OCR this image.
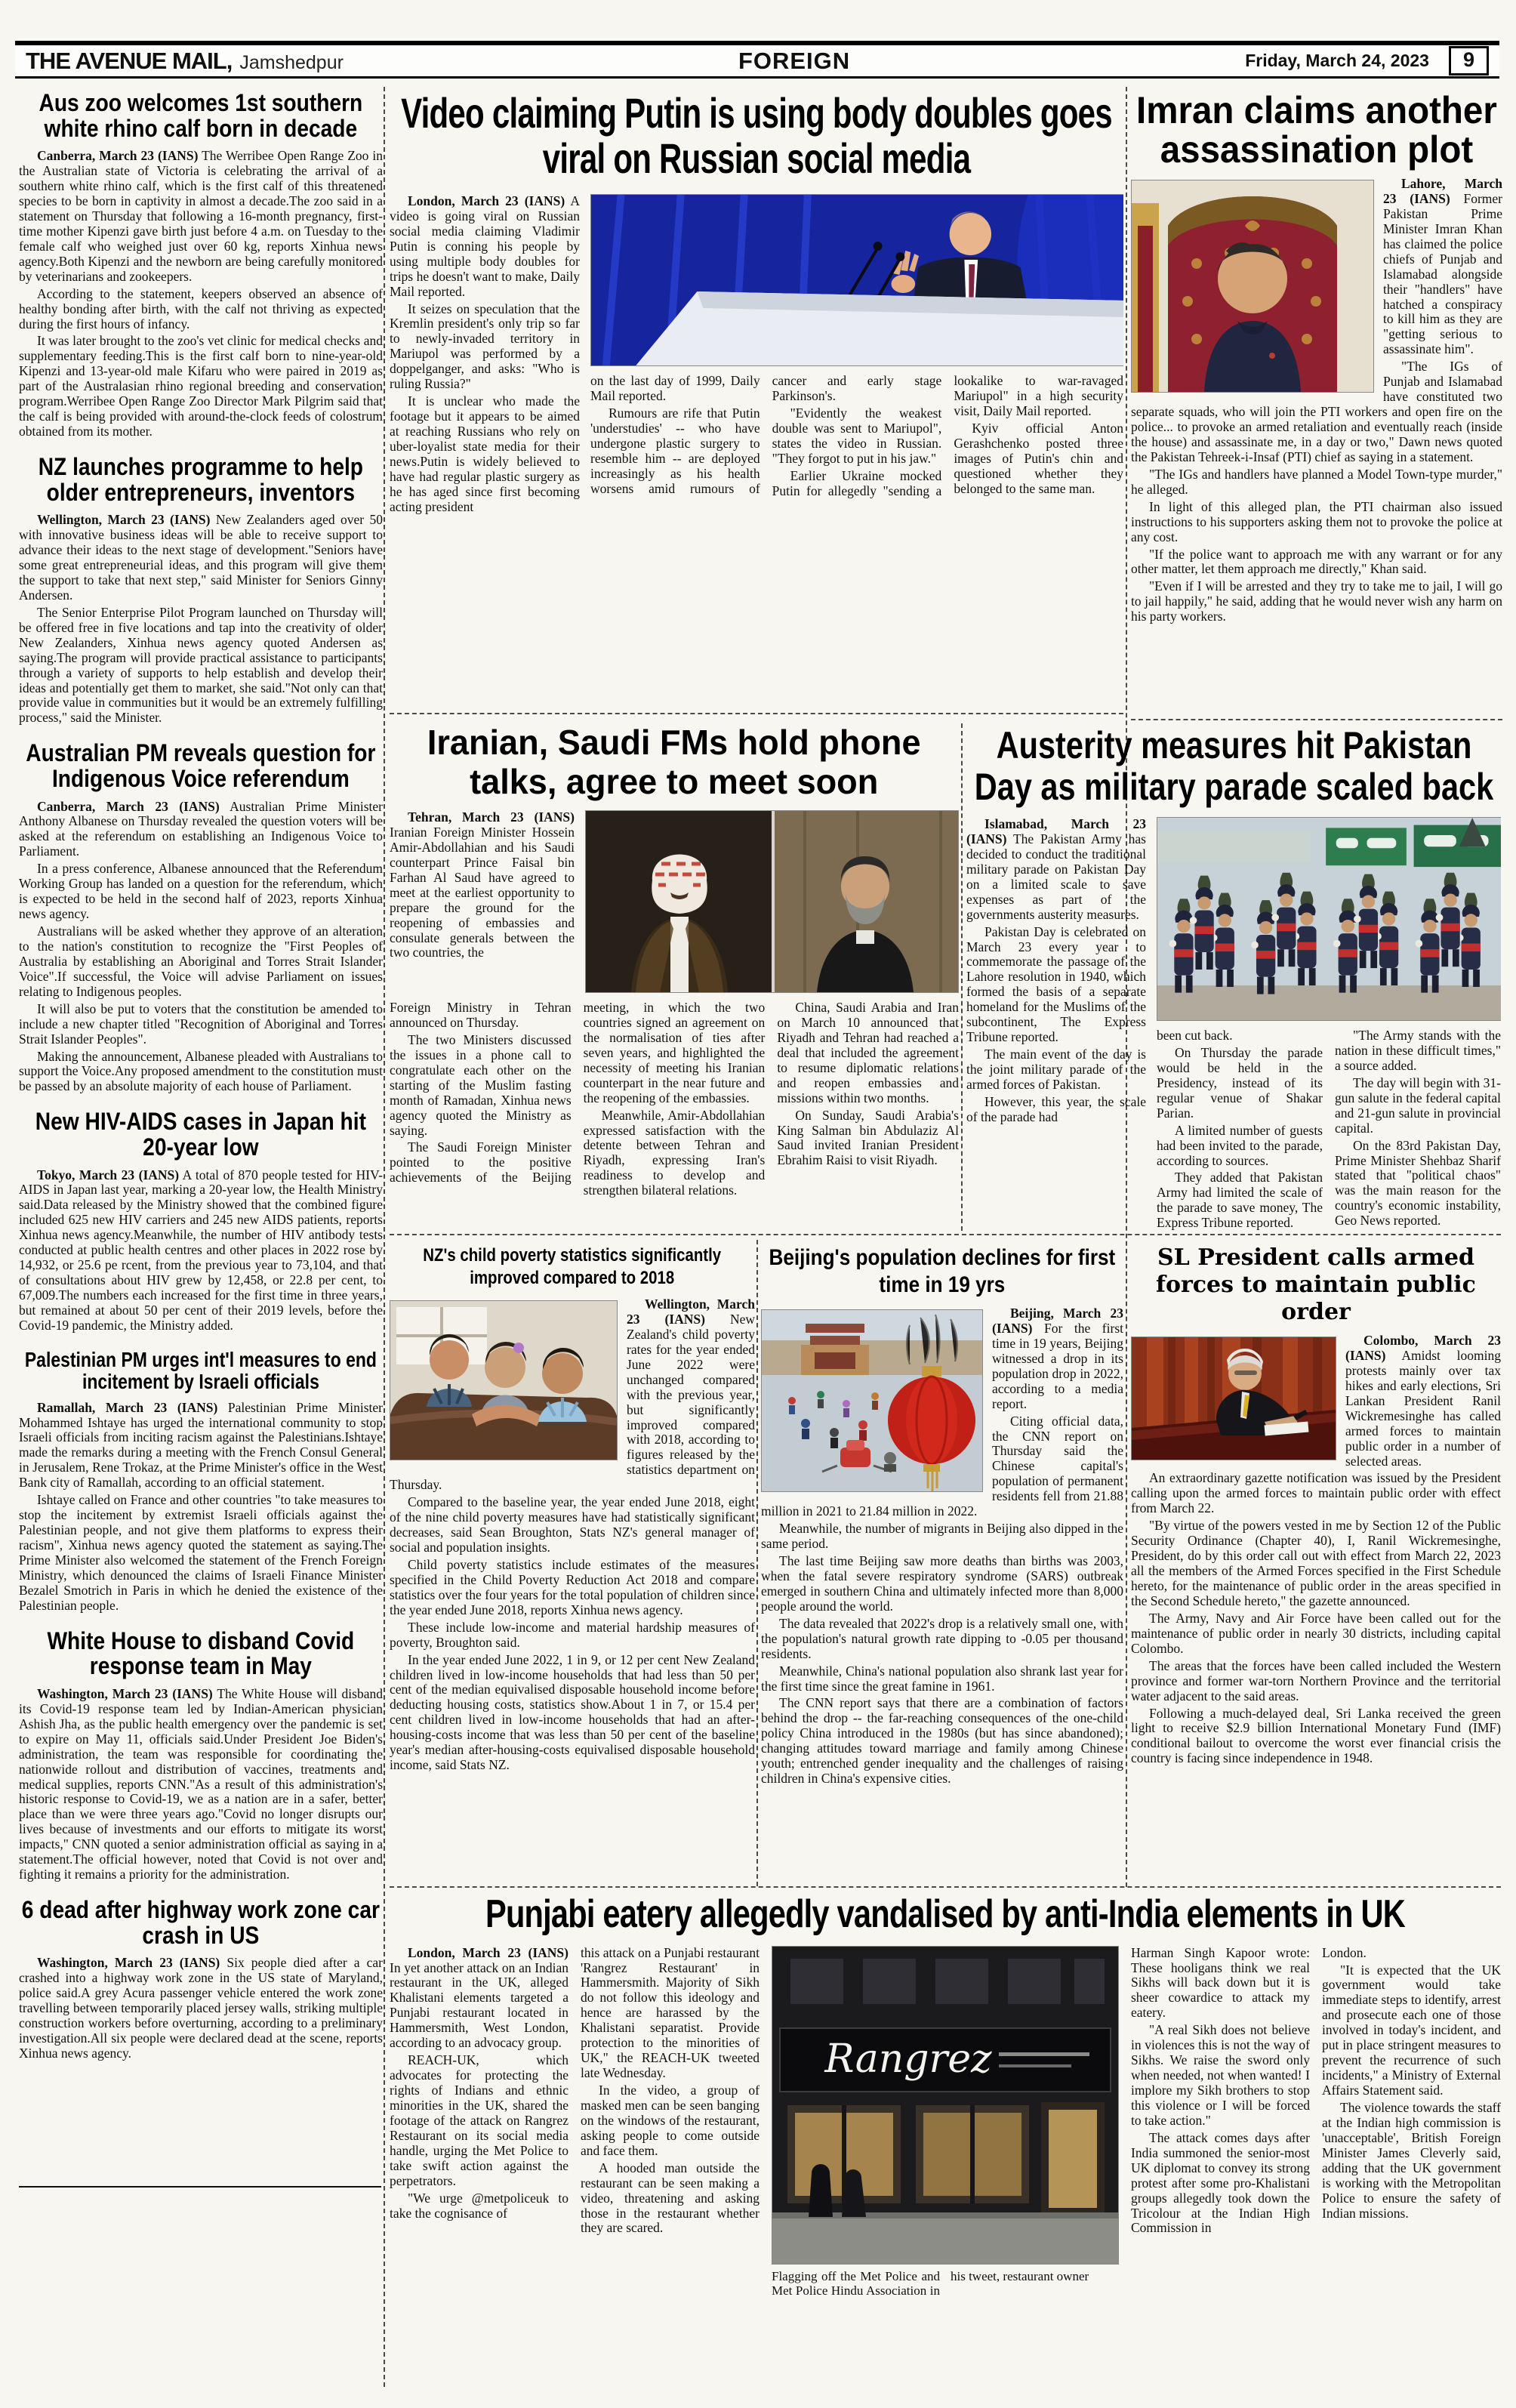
THE AVENUE MAIL, Jamshedpur	FOREIGN	Friday, March 24, 2023	9
Aus zoo welcomes 1st southern white rhino calf born in decade

Canberra, March 23 (IANS) The Werribee Open Range Zoo in the Australian state of Victoria is celebrating the arrival of a southern white rhino calf, which is the first calf of this threatened species to be born in captivity in almost a decade.The zoo said in a statement on Thursday that following a 16-month pregnancy, first-time mother Kipenzi gave birth just before 4 a.m. on Tuesday to the female calf who weighed just over 60 kg, reports Xinhua news agency.Both Kipenzi and the newborn are being carefully monitored by veterinarians and zookeepers.

According to the statement, keepers observed an absence of healthy bonding after birth, with the calf not thriving as expected during the first hours of infancy.

It was later brought to the zoo's vet clinic for medical checks and supplementary feeding.This is the first calf born to nine-year-old Kipenzi and 13-year-old male Kifaru who were paired in 2019 as part of the Australasian rhino regional breeding and conservation program.Werribee Open Range Zoo Director Mark Pilgrim said that the calf is being provided with around-the-clock feeds of colostrum obtained from its mother.

NZ launches programme to help older entrepreneurs, inventors

Wellington, March 23 (IANS) New Zealanders aged over 50 with innovative business ideas will be able to receive support to advance their ideas to the next stage of development."Seniors have some great entrepreneurial ideas, and this program will give them the support to take that next step," said Minister for Seniors Ginny Andersen.

The Senior Enterprise Pilot Program launched on Thursday will be offered free in five locations and tap into the creativity of older New Zealanders, Xinhua news agency quoted Andersen as saying.The program will provide practical assistance to participants through a variety of supports to help establish and develop their ideas and potentially get them to market, she said."Not only can that provide value in communities but it would be an extremely fulfilling process," said the Minister.

Australian PM reveals question for Indigenous Voice referendum

Canberra, March 23 (IANS) Australian Prime Minister Anthony Albanese on Thursday revealed the question voters will be asked at the referendum on establishing an Indigenous Voice to Parliament.

In a press conference, Albanese announced that the Referendum Working Group has landed on a question for the referendum, which is expected to be held in the second half of 2023, reports Xinhua news agency.

Australians will be asked whether they approve of an alteration to the nation's constitution to recognize the "First Peoples of Australia by establishing an Aboriginal and Torres Strait Islander Voice".If successful, the Voice will advise Parliament on issues relating to Indigenous peoples.

It will also be put to voters that the constitution be amended to include a new chapter titled "Recognition of Aboriginal and Torres Strait Islander Peoples".

Making the announcement, Albanese pleaded with Australians to support the Voice.Any proposed amendment to the constitution must be passed by an absolute majority of each house of Parliament.

New HIV-AIDS cases in Japan hit 20-year low

Tokyo, March 23 (IANS) A total of 870 people tested for HIV-AIDS in Japan last year, marking a 20-year low, the Health Ministry said.Data released by the Ministry showed that the combined figure included 625 new HIV carriers and 245 new AIDS patients, reports Xinhua news agency.Meanwhile, the number of HIV antibody tests conducted at public health centres and other places in 2022 rose by 14,932, or 25.6 pe rcent, from the previous year to 73,104, and that of consultations about HIV grew by 12,458, or 22.8 per cent, to 67,009.The numbers each increased for the first time in three years, but remained at about 50 per cent of their 2019 levels, before the Covid-19 pandemic, the Ministry added.

Palestinian PM urges int'l measures to end incitement by Israeli officials

Ramallah, March 23 (IANS) Palestinian Prime Minister Mohammed Ishtaye has urged the international community to stop Israeli officials from inciting racism against the Palestinians.Ishtaye made the remarks during a meeting with the French Consul General in Jerusalem, Rene Trokaz, at the Prime Minister's office in the West Bank city of Ramallah, according to an official statement.

Ishtaye called on France and other countries "to take measures to stop the incitement by extremist Israeli officials against the Palestinian people, and not give them platforms to express their racism", Xinhua news agency quoted the statement as saying.The Prime Minister also welcomed the statement of the French Foreign Ministry, which denounced the claims of Israeli Finance Minister Bezalel Smotrich in Paris in which he denied the existence of the Palestinian people.

White House to disband Covid response team in May

Washington, March 23 (IANS) The White House will disband its Covid-19 response team led by Indian-American physician Ashish Jha, as the public health emergency over the pandemic is set to expire on May 11, officials said.Under President Joe Biden's administration, the team was responsible for coordinating the nationwide rollout and distribution of vaccines, treatments and medical supplies, reports CNN."As a result of this administration's historic response to Covid-19, we as a nation are in a safer, better place than we were three years ago."Covid no longer disrupts our lives because of investments and our efforts to mitigate its worst impacts," CNN quoted a senior administration official as saying in a statement.The official however, noted that Covid is not over and fighting it remains a priority for the administration.

6 dead after highway work zone car crash in US

Washington, March 23 (IANS) Six people died after a car crashed into a highway work zone in the US state of Maryland, police said.A grey Acura passenger vehicle entered the work zone travelling between temporarily placed jersey walls, striking multiple construction workers before overturning, according to a preliminary investigation.All six people were declared dead at the scene, reports Xinhua news agency.

Video claiming Putin is using body doubles goes viral on Russian social media

London, March 23 (IANS) A video is going viral on Russian social media claiming Vladimir Putin is conning his people by using multiple body doubles for trips he doesn't want to make, Daily Mail reported.

It seizes on speculation that the Kremlin president's only trip so far to newly-invaded territory in Mariupol was performed by a doppelganger, and asks: "Who is ruling Russia?"

It is unclear who made the footage but it appears to be aimed at reaching Russians who rely on uber-loyalist state media for their news.Putin is widely believed to have had regular plastic surgery as he has aged since first becoming acting president

on the last day of 1999, Daily Mail reported.

Rumours are rife that Putin 'understudies' -- who have undergone plastic surgery to resemble him -- are deployed increasingly as his health worsens amid rumours of cancer and early stage Parkinson's.

"Evidently the weakest double was sent to Mariupol", states the video in Russian. "They forgot to put in his jaw."

Earlier Ukraine mocked Putin for allegedly "sending a lookalike to war-ravaged Mariupol" in a high security visit, Daily Mail reported.

Kyiv official Anton Gerashchenko posted three images of Putin's chin and questioned whether they belonged to the same man.

Imran claims another assassination plot

Lahore, March 23 (IANS) Former Pakistan Prime Minister Imran Khan has claimed the police chiefs of Punjab and Islamabad alongside their "handlers" have hatched a conspiracy to kill him as they are "getting serious to assassinate him".

"The IGs of Punjab and Islamabad have constituted two separate squads, who will join the PTI workers and open fire on the police... to provoke an armed retaliation and eventually reach (inside the house) and assassinate me, in a day or two," Dawn news quoted the Pakistan Tehreek-i-Insaf (PTI) chief as saying in a statement.

"The IGs and handlers have planned a Model Town-type murder," he alleged.

In light of this alleged plan, the PTI chairman also issued instructions to his supporters asking them not to provoke the police at any cost.

"If the police want to approach me with any warrant or for any other matter, let them approach me directly," Khan said.

"Even if I will be arrested and they try to take me to jail, I will go to jail happily," he said, adding that he would never wish any harm on his party workers.

Iranian, Saudi FMs hold phone talks, agree to meet soon

Tehran, March 23 (IANS) Iranian Foreign Minister Hossein Amir-Abdollahian and his Saudi counterpart Prince Faisal bin Farhan Al Saud have agreed to meet at the earliest opportunity to prepare the ground for the reopening of embassies and consulate generals between the two countries, the

Foreign Ministry in Tehran announced on Thursday.

The two Ministers discussed the issues in a phone call to congratulate each other on the starting of the Muslim fasting month of Ramadan, Xinhua news agency quoted the Ministry as saying.

The Saudi Foreign Minister pointed to the positive achievements of the Beijing meeting, in which the two countries signed an agreement on the normalisation of ties after seven years, and highlighted the necessity of meeting his Iranian counterpart in the near future and the reopening of the embassies.

Meanwhile, Amir-Abdollahian expressed satisfaction with the detente between Tehran and Riyadh, expressing Iran's readiness to develop and strengthen bilateral relations.

China, Saudi Arabia and Iran on March 10 announced that Riyadh and Tehran had reached a deal that included the agreement to resume diplomatic relations and reopen embassies and missions within two months.

On Sunday, Saudi Arabia's King Salman bin Abdulaziz Al Saud invited Iranian President Ebrahim Raisi to visit Riyadh.

Austerity measures hit Pakistan Day as military parade scaled back

Islamabad, March 23 (IANS) The Pakistan Army has decided to conduct the traditional military parade on Pakistan Day on a limited scale to save expenses as part of the governments austerity measures.

Pakistan Day is celebrated on March 23 every year to commemorate the passage of the Lahore resolution in 1940, which formed the basis of a separate homeland for the Muslims of the subcontinent, The Express Tribune reported.

The main event of the day is the joint military parade of the armed forces of Pakistan.

However, this year, the scale of the parade had

been cut back.

On Thursday the parade would be held in the Presidency, instead of its regular venue of Shakar Parian.

A limited number of guests had been invited to the parade, according to sources.

They added that Pakistan Army had limited the scale of the parade to save money, The Express Tribune reported.

"The Army stands with the nation in these difficult times," a source added.

The day will begin with 31-gun salute in the federal capital and 21-gun salute in provincial capital.

On the 83rd Pakistan Day, Prime Minister Shehbaz Sharif stated that "political chaos" was the main reason for the country's economic instability, Geo News reported.

NZ's child poverty statistics significantly improved compared to 2018

Wellington, March 23 (IANS) New Zealand's child poverty rates for the year ended June 2022 were unchanged compared with the previous year, but significantly improved compared with 2018, according to figures released by the statistics department on Thursday.

Compared to the baseline year, the year ended June 2018, eight of the nine child poverty measures have had statistically significant decreases, said Sean Broughton, Stats NZ's general manager of social and population insights.

Child poverty statistics include estimates of the measures specified in the Child Poverty Reduction Act 2018 and compare statistics over the four years for the total population of children since the year ended June 2018, reports Xinhua news agency.

These include low-income and material hardship measures of poverty, Broughton said.

In the year ended June 2022, 1 in 9, or 12 per cent New Zealand children lived in low-income households that had less than 50 per cent of the median equivalised disposable household income before deducting housing costs, statistics show.About 1 in 7, or 15.4 per cent children lived in low-income households that had an after-housing-costs income that was less than 50 per cent of the baseline year's median after-housing-costs equivalised disposable household income, said Stats NZ.

Beijing's population declines for first time in 19 yrs

Beijing, March 23 (IANS) For the first time in 19 years, Beijing witnessed a drop in its population drop in 2022, according to a media report.

Citing official data, the CNN report on Thursday said the Chinese capital's population of permanent residents fell from 21.88 million in 2021 to 21.84 million in 2022.

Meanwhile, the number of migrants in Beijing also dipped in the same period.

The last time Beijing saw more deaths than births was 2003, when the fatal severe respiratory syndrome (SARS) outbreak emerged in southern China and ultimately infected more than 8,000 people around the world.

The data revealed that 2022's drop is a relatively small one, with the population's natural growth rate dipping to -0.05 per thousand residents.

Meanwhile, China's national population also shrank last year for the first time since the great famine in 1961.

The CNN report says that there are a combination of factors behind the drop -- the far-reaching consequences of the one-child policy China introduced in the 1980s (but has since abandoned); changing attitudes toward marriage and family among Chinese youth; entrenched gender inequality and the challenges of raising children in China's expensive cities.

SL President calls armed forces to maintain public order

Colombo, March 23 (IANS) Amidst looming protests mainly over tax hikes and early elections, Sri Lankan President Ranil Wickremesinghe has called armed forces to maintain public order in a number of selected areas.

An extraordinary gazette notification was issued by the President calling upon the armed forces to maintain public order with effect from March 22.

"By virtue of the powers vested in me by Section 12 of the Public Security Ordinance (Chapter 40), I, Ranil Wickremesinghe, President, do by this order call out with effect from March 22, 2023 all the members of the Armed Forces specified in the First Schedule hereto, for the maintenance of public order in the areas specified in the Second Schedule hereto," the gazette announced.

The Army, Navy and Air Force have been called out for the maintenance of public order in nearly 30 districts, including capital Colombo.

The areas that the forces have been called included the Western province and former war-torn Northern Province and the territorial water adjacent to the said areas.

Following a much-delayed deal, Sri Lanka received the green light to receive $2.9 billion International Monetary Fund (IMF) conditional bailout to overcome the worst ever financial crisis the country is facing since independence in 1948.

Punjabi eatery allegedly vandalised by anti-India elements in UK

London, March 23 (IANS) In yet another attack on an Indian restaurant in the UK, alleged Khalistani elements targeted a Punjabi restaurant located in Hammersmith, West London, according to an advocacy group.

REACH-UK, which advocates for protecting the rights of Indians and ethnic minorities in the UK, shared the footage of the attack on Rangrez Restaurant on its social media handle, urging the Met Police to take swift action against the perpetrators.

"We urge @metpoliceuk to take the cognisance of

this attack on a Punjabi restaurant 'Rangrez Restaurant' in Hammersmith. Majority of Sikh do not follow this ideology and hence are harassed by the Khalistani separatist. Provide protection to the minorities of UK," the REACH-UK tweeted late Wednesday.

In the video, a group of masked men can be seen banging on the windows of the restaurant, asking people to come outside and face them.

A hooded man outside the restaurant can be seen making a video, threatening and asking those in the restaurant whether they are scared.

Rangrez

Flagging off the Met Police and Met Police Hindu Association in his tweet, restaurant owner

Harman Singh Kapoor wrote: These hooligans think we real Sikhs will back down but it is sheer cowardice to attack my eatery.

"A real Sikh does not believe in violences this is not the way of Sikhs. We raise the sword only when needed, not when wanted! I implore my Sikh brothers to stop this violence or I will be forced to take action."

The attack comes days after India summoned the senior-most UK diplomat to convey its strong protest after some pro-Khalistani groups allegedly took down the Tricolour at the Indian High Commission in

London.

"It is expected that the UK government would take immediate steps to identify, arrest and prosecute each one of those involved in today's incident, and put in place stringent measures to prevent the recurrence of such incidents," a Ministry of External Affairs Statement said.

The violence towards the staff at the Indian high commission is 'unacceptable', British Foreign Minister James Cleverly said, adding that the UK government is working with the Metropolitan Police to ensure the safety of Indian missions.
